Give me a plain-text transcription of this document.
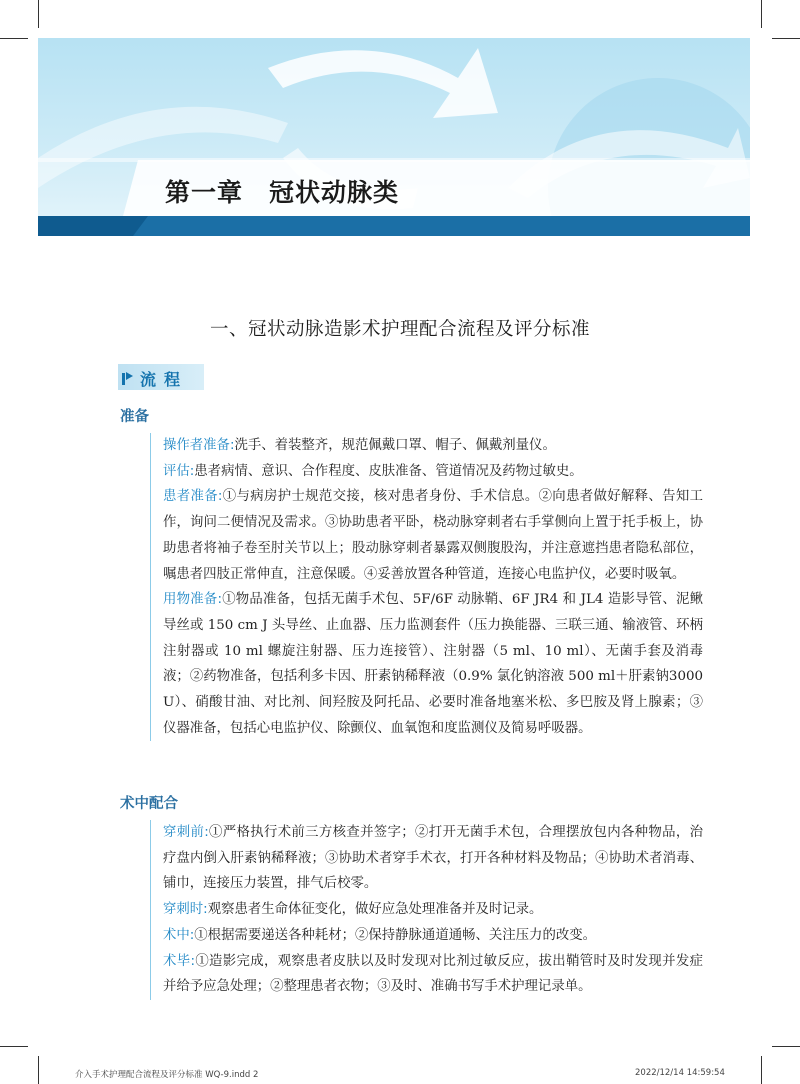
第一章　冠状动脉类
一、冠状动脉造影术护理配合流程及评分标准
流程
准备
操作者准备:洗手、着装整齐，规范佩戴口罩、帽子、佩戴剂量仪。
评估:患者病情、意识、合作程度、皮肤准备、管道情况及药物过敏史。
患者准备:①与病房护士规范交接，核对患者身份、手术信息。②向患者做好解释、告知工作，询问二便情况及需求。③协助患者平卧，桡动脉穿刺者右手掌侧向上置于托手板上，协助患者将袖子卷至肘关节以上；股动脉穿刺者暴露双侧腹股沟，并注意遮挡患者隐私部位，嘱患者四肢正常伸直，注意保暖。④妥善放置各种管道，连接心电监护仪，必要时吸氧。
用物准备:①物品准备，包括无菌手术包、5F/6F 动脉鞘、6F JR4 和 JL4 造影导管、泥鳅导丝或 150 cm J 头导丝、止血器、压力监测套件（压力换能器、三联三通、输液管、环柄注射器或 10 ml 螺旋注射器、压力连接管）、注射器（5 ml、10 ml）、无菌手套及消毒液；②药物准备，包括利多卡因、肝素钠稀释液（0.9% 氯化钠溶液 500 ml＋肝素钠3000 U）、硝酸甘油、对比剂、间羟胺及阿托品、必要时准备地塞米松、多巴胺及肾上腺素；③仪器准备，包括心电监护仪、除颤仪、血氧饱和度监测仪及简易呼吸器。
术中配合
穿刺前:①严格执行术前三方核查并签字；②打开无菌手术包，合理摆放包内各种物品，治疗盘内倒入肝素钠稀释液；③协助术者穿手术衣，打开各种材料及物品；④协助术者消毒、铺巾，连接压力装置，排气后校零。
穿刺时:观察患者生命体征变化，做好应急处理准备并及时记录。
术中:①根据需要递送各种耗材；②保持静脉通道通畅、关注压力的改变。
术毕:①造影完成，观察患者皮肤以及时发现对比剂过敏反应，拔出鞘管时及时发现并发症并给予应急处理；②整理患者衣物；③及时、准确书写手术护理记录单。
介入手术护理配合流程及评分标准 WQ-9.indd 2	2022/12/14 14:59:54
